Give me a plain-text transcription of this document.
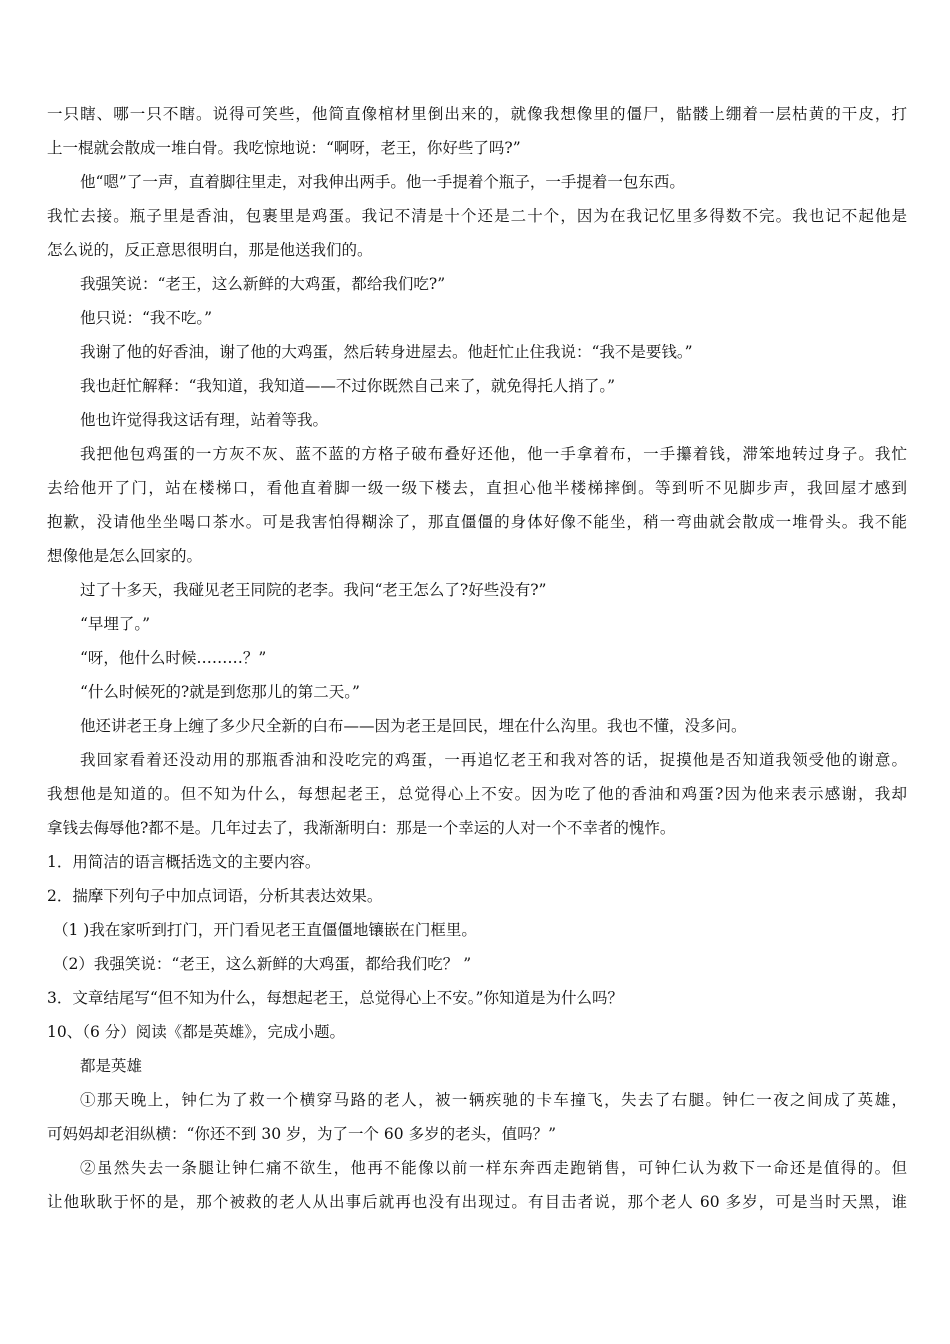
一只瞎、哪一只不瞎。说得可笑些，他简直像棺材里倒出来的，就像我想像里的僵尸，骷髅上绷着一层枯黄的干皮，打
上一棍就会散成一堆白骨。我吃惊地说：“啊呀，老王，你好些了吗?”
他“嗯”了一声，直着脚往里走，对我伸出两手。他一手提着个瓶子，一手提着一包东西。
我忙去接。瓶子里是香油，包裹里是鸡蛋。我记不清是十个还是二十个，因为在我记忆里多得数不完。我也记不起他是
怎么说的，反正意思很明白，那是他送我们的。
我强笑说：“老王，这么新鲜的大鸡蛋，都给我们吃?”
他只说：“我不吃。”
我谢了他的好香油，谢了他的大鸡蛋，然后转身进屋去。他赶忙止住我说：“我不是要钱。”
我也赶忙解释：“我知道，我知道——不过你既然自己来了，就免得托人捎了。”
他也许觉得我这话有理，站着等我。
我把他包鸡蛋的一方灰不灰、蓝不蓝的方格子破布叠好还他，他一手拿着布，一手攥着钱，滞笨地转过身子。我忙
去给他开了门，站在楼梯口，看他直着脚一级一级下楼去，直担心他半楼梯摔倒。等到听不见脚步声，我回屋才感到
抱歉，没请他坐坐喝口茶水。可是我害怕得糊涂了，那直僵僵的身体好像不能坐，稍一弯曲就会散成一堆骨头。我不能
想像他是怎么回家的。
过了十多天，我碰见老王同院的老李。我问“老王怎么了?好些没有?”
“早埋了。”
“呀，他什么时候………？”
“什么时候死的?就是到您那儿的第二天。”
他还讲老王身上缠了多少尺全新的白布——因为老王是回民，埋在什么沟里。我也不懂，没多问。
我回家看着还没动用的那瓶香油和没吃完的鸡蛋，一再追忆老王和我对答的话，捉摸他是否知道我领受他的谢意。
我想他是知道的。但不知为什么，每想起老王，总觉得心上不安。因为吃了他的香油和鸡蛋?因为他来表示感谢，我却
拿钱去侮辱他?都不是。几年过去了，我渐渐明白：那是一个幸运的人对一个不幸者的愧怍。
1．用简洁的语言概括选文的主要内容。
2．揣摩下列句子中加点词语，分析其表达效果。
（1 )我在家听到打门，开门看见老王直僵僵地镶嵌在门框里。
（2）我强笑说：“老王，这么新鲜的大鸡蛋，都给我们吃？ ”
3．文章结尾写“但不知为什么，每想起老王，总觉得心上不安。”你知道是为什么吗？
10、（6 分）阅读《都是英雄》，完成小题。
都是英雄
①那天晚上，钟仁为了救一个横穿马路的老人，被一辆疾驰的卡车撞飞，失去了右腿。钟仁一夜之间成了英雄，
可妈妈却老泪纵横：“你还不到 30 岁，为了一个 60 多岁的老头，值吗？”
②虽然失去一条腿让钟仁痛不欲生，他再不能像以前一样东奔西走跑销售，可钟仁认为救下一命还是值得的。但
让他耿耿于怀的是，那个被救的老人从出事后就再也没有出现过。有目击者说，那个老人 60 多岁，可是当时天黑，谁
